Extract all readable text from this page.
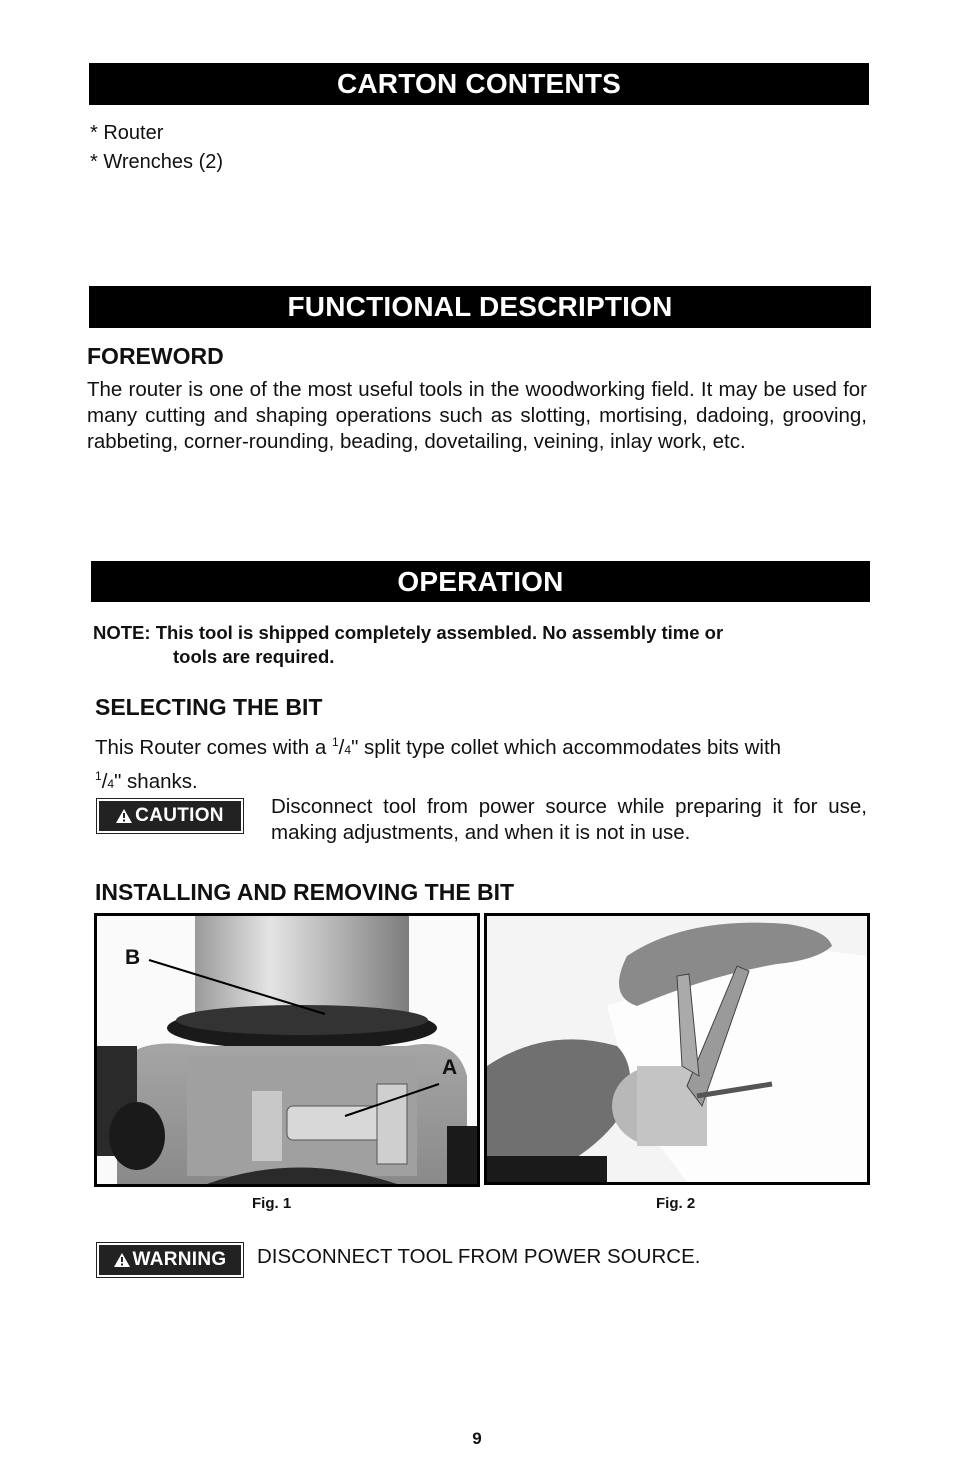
CARTON CONTENTS
* Router
* Wrenches (2)
FUNCTIONAL DESCRIPTION
FOREWORD
The router is one of the most useful tools in the woodworking field. It may be used for many cutting and shaping operations such as slotting, mortising, dadoing, grooving, rabbeting, corner-rounding, beading, dovetailing, veining, inlay work, etc.
OPERATION
NOTE: This tool is shipped completely assembled. No assembly time or
tools are required.
SELECTING THE BIT
This Router comes with a $^1$/4" split type collet which accommodates bits with
$^1$/4" shanks.
CAUTION Disconnect tool from power source while preparing it for use, making adjustments, and when it is not in use.
INSTALLING AND REMOVING THE BIT
B
A
Fig. 1	Fig. 2
WARNING DISCONNECT TOOL FROM POWER SOURCE.
9
